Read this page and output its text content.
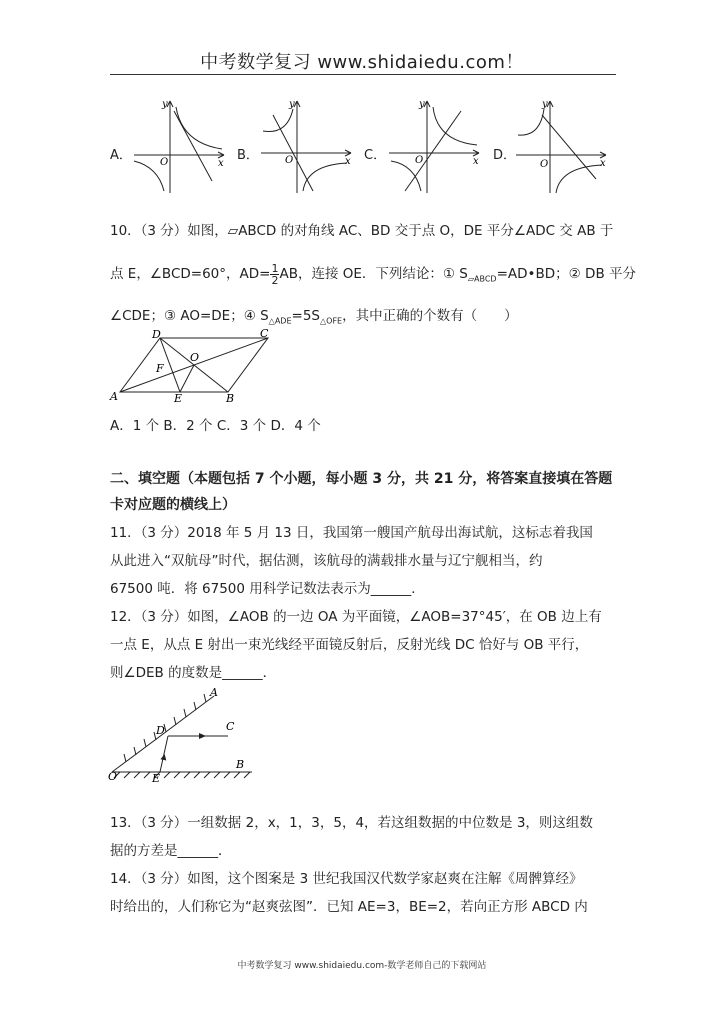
中考数学复习 www.shidaiedu.com！
A．	B．	C．	D．
y
x
O
y
x
O
y
x
O
y
x
O
10．（3 分）如图，▱ABCD 的对角线 AC、BD 交于点 O，DE 平分∠ADC 交 AB 于
点 E，∠BCD=60°，$AD= \frac{1}{2}$ AB，连接 OE．下列结论：① $S_{▱ABCD}=AD•BD$；② DB 平分
∠CDE；③ AO=DE；④ $S_{\triangle ADE}=5S_{\triangle OFE}$，其中正确的个数有（　　）
D	C
O
F
A	E	B
A．1 个 B．2 个 C．3 个 D．4 个
二、填空题（本题包括 7 个小题，每小题 3 分，共 21 分，将答案直接填在答题
卡对应题的横线上）
11．（3 分）2018 年 5 月 13 日，我国第一艘国产航母出海试航，这标志着我国
从此进入“双航母”时代，据估测，该航母的满载排水量与辽宁舰相当，约
67500 吨．将 67500 用科学记数法表示为______．
12．（3 分）如图，∠AOB 的一边 OA 为平面镜，∠AOB=37°45′，在 OB 边上有
一点 E，从点 E 射出一束光线经平面镜反射后，反射光线 DC 恰好与 OB 平行，
则∠DEB 的度数是______．
A
D	C
O	E
B
13．（3 分）一组数据 2，x，1，3，5，4，若这组数据的中位数是 3，则这组数
据的方差是______．
14．（3 分）如图，这个图案是 3 世纪我国汉代数学家赵爽在注解《周髀算经》
时给出的，人们称它为“赵爽弦图”．已知 AE=3，BE=2，若向正方形 ABCD 内
中考数学复习 www.shidaiedu.com-数学老师自己的下载网站
